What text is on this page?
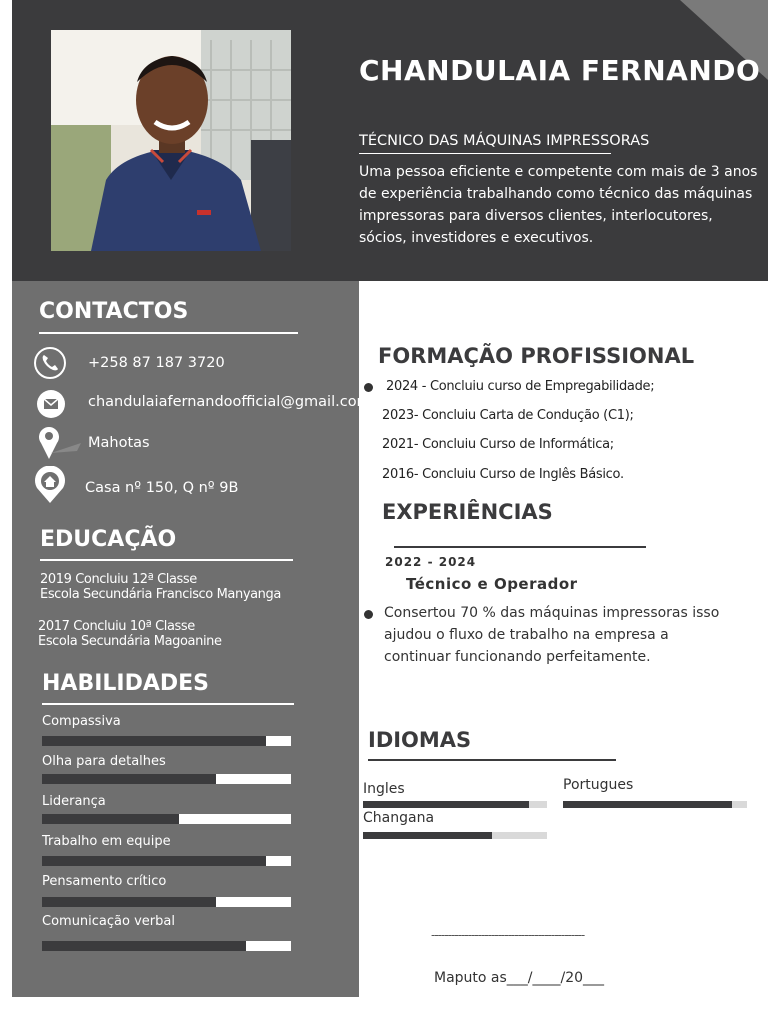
CHANDULAIA FERNANDO
TÉCNICO DAS MÁQUINAS IMPRESSORAS
Uma pessoa eficiente e competente com mais de 3 anos de experiência trabalhando como técnico das máquinas impressoras para diversos clientes, interlocutores, sócios, investidores e executivos.
CONTACTOS
+258 87 187 3720
chandulaiafernandoofficial@gmail.com
Mahotas
Casa nº 150, Q nº 9B
EDUCAÇÃO
2019 Concluiu 12ª Classe
Escola Secundária Francisco Manyanga
2017 Concluiu 10ª Classe
Escola Secundária Magoanine
HABILIDADES
Compassiva
Olha para detalhes
Liderança
Trabalho em equipe
Pensamento crítico
Comunicação verbal
FORMAÇÃO PROFISSIONAL
2024 - Concluiu curso de Empregabilidade;
2023- Concluiu Carta de Condução (C1);
2021- Concluiu Curso de Informática;
2016- Concluiu Curso de Inglês Básico.
EXPERIÊNCIAS
2022 - 2024
Técnico e Operador
Consertou 70 % das máquinas impressoras isso ajudou o fluxo de trabalho na empresa a continuar funcionando perfeitamente.
IDIOMAS
Ingles	Portugues
Changana
----------------------------------------------
Maputo as___/____/20___
